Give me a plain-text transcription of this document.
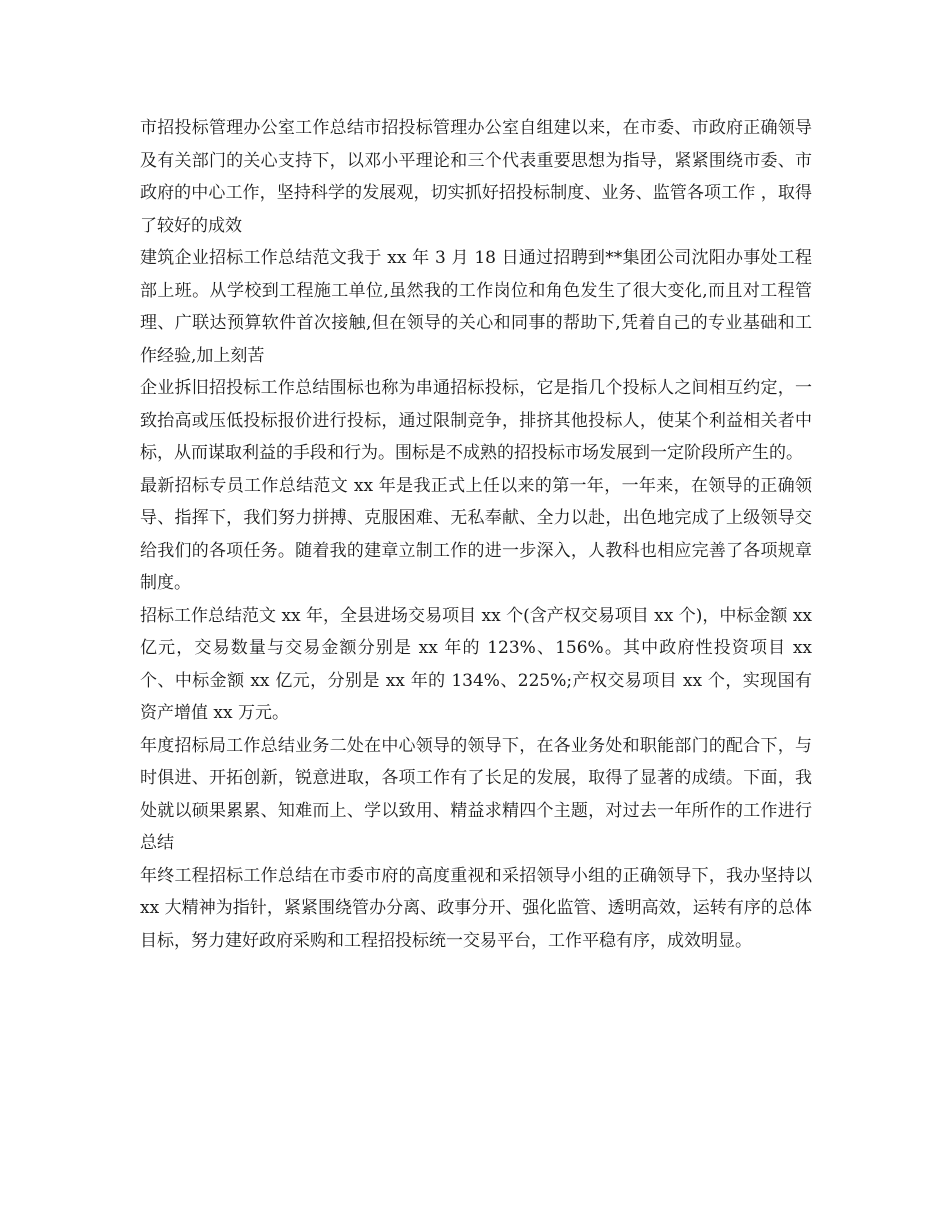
市招投标管理办公室工作总结市招投标管理办公室自组建以来，在市委、市政府正确领导及有关部门的关心支持下，以邓小平理论和三个代表重要思想为指导，紧紧围绕市委、市政府的中心工作，坚持科学的发展观，切实抓好招投标制度、业务、监管各项工作 ，取得了较好的成效

建筑企业招标工作总结范文我于 xx 年 3 月 18 日通过招聘到**集团公司沈阳办事处工程部上班。从学校到工程施工单位,虽然我的工作岗位和角色发生了很大变化,而且对工程管理、广联达预算软件首次接触,但在领导的关心和同事的帮助下,凭着自己的专业基础和工作经验,加上刻苦

企业拆旧招投标工作总结围标也称为串通招标投标，它是指几个投标人之间相互约定，一致抬高或压低投标报价进行投标，通过限制竞争，排挤其他投标人，使某个利益相关者中标，从而谋取利益的手段和行为。围标是不成熟的招投标市场发展到一定阶段所产生的。

最新招标专员工作总结范文 xx 年是我正式上任以来的第一年，一年来，在领导的正确领导、指挥下，我们努力拼搏、克服困难、无私奉献、全力以赴，出色地完成了上级领导交给我们的各项任务。随着我的建章立制工作的进一步深入，人教科也相应完善了各项规章制度。

招标工作总结范文 xx 年，全县进场交易项目 xx 个(含产权交易项目 xx 个)，中标金额 xx 亿元，交易数量与交易金额分别是 xx 年的 123%、156%。其中政府性投资项目 xx 个、中标金额 xx 亿元，分别是 xx 年的 134%、225%;产权交易项目 xx 个，实现国有资产增值 xx 万元。

年度招标局工作总结业务二处在中心领导的领导下，在各业务处和职能部门的配合下，与时俱进、开拓创新，锐意进取，各项工作有了长足的发展，取得了显著的成绩。下面，我处就以硕果累累、知难而上、学以致用、精益求精四个主题，对过去一年所作的工作进行总结

年终工程招标工作总结在市委市府的高度重视和采招领导小组的正确领导下，我办坚持以 xx 大精神为指针，紧紧围绕管办分离、政事分开、强化监管、透明高效，运转有序的总体目标，努力建好政府采购和工程招投标统一交易平台，工作平稳有序，成效明显。
